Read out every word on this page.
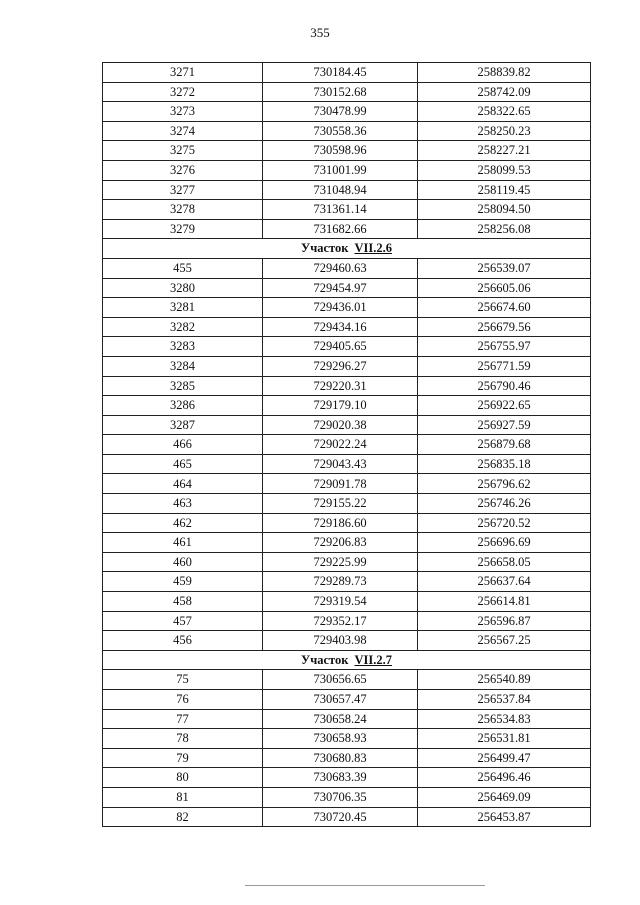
355
3271	730184.45	258839.82
3272	730152.68	258742.09
3273	730478.99	258322.65
3274	730558.36	258250.23
3275	730598.96	258227.21
3276	731001.99	258099.53
3277	731048.94	258119.45
3278	731361.14	258094.50
3279	731682.66	258256.08
Участок VII.2.6		
455	729460.63	256539.07
3280	729454.97	256605.06
3281	729436.01	256674.60
3282	729434.16	256679.56
3283	729405.65	256755.97
3284	729296.27	256771.59
3285	729220.31	256790.46
3286	729179.10	256922.65
3287	729020.38	256927.59
466	729022.24	256879.68
465	729043.43	256835.18
464	729091.78	256796.62
463	729155.22	256746.26
462	729186.60	256720.52
461	729206.83	256696.69
460	729225.99	256658.05
459	729289.73	256637.64
458	729319.54	256614.81
457	729352.17	256596.87
456	729403.98	256567.25
Участок VII.2.7		
75	730656.65	256540.89
76	730657.47	256537.84
77	730658.24	256534.83
78	730658.93	256531.81
79	730680.83	256499.47
80	730683.39	256496.46
81	730706.35	256469.09
82	730720.45	256453.87
